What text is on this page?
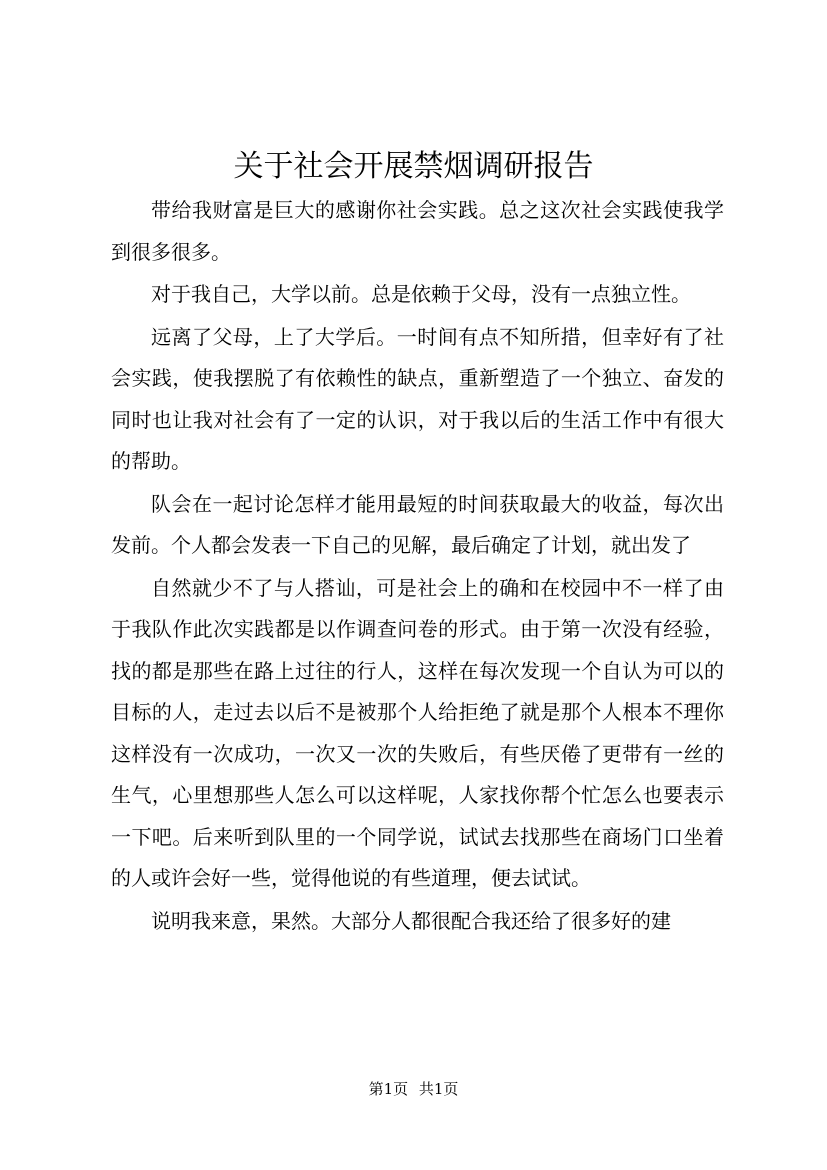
关于社会开展禁烟调研报告

带给我财富是巨大的感谢你社会实践。总之这次社会实践使我学到很多很多。

对于我自己，大学以前。总是依赖于父母，没有一点独立性。

远离了父母，上了大学后。一时间有点不知所措，但幸好有了社会实践，使我摆脱了有依赖性的缺点，重新塑造了一个独立、奋发的同时也让我对社会有了一定的认识，对于我以后的生活工作中有很大的帮助。

队会在一起讨论怎样才能用最短的时间获取最大的收益，每次出发前。个人都会发表一下自己的见解，最后确定了计划，就出发了

自然就少不了与人搭讪，可是社会上的确和在校园中不一样了由于我队作此次实践都是以作调查问卷的形式。由于第一次没有经验，找的都是那些在路上过往的行人，这样在每次发现一个自认为可以的目标的人，走过去以后不是被那个人给拒绝了就是那个人根本不理你这样没有一次成功，一次又一次的失败后，有些厌倦了更带有一丝的生气，心里想那些人怎么可以这样呢，人家找你帮个忙怎么也要表示一下吧。后来听到队里的一个同学说，试试去找那些在商场门口坐着的人或许会好一些，觉得他说的有些道理，便去试试。

说明我来意，果然。大部分人都很配合我还给了很多好的建

第1页 共1页
